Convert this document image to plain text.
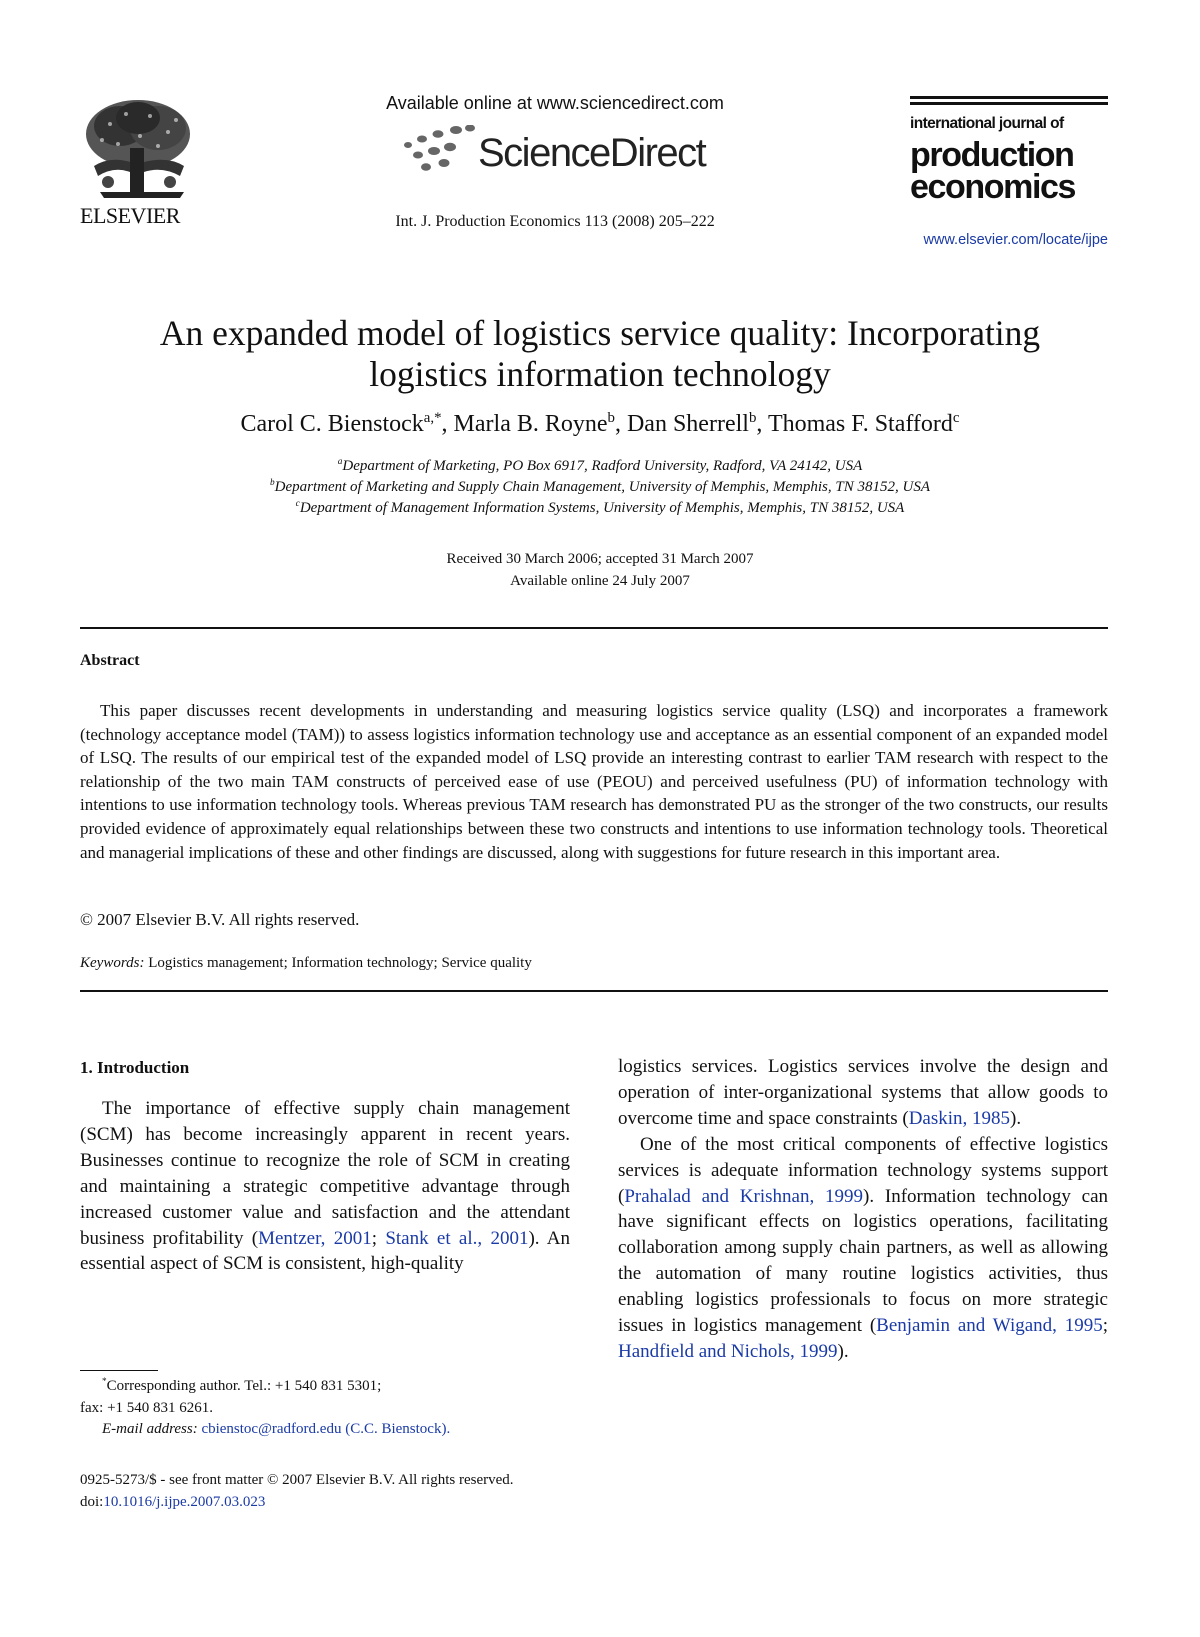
ELSEVIER
Available online at www.sciencedirect.com
ScienceDirect
Int. J. Production Economics 113 (2008) 205–222
international journal of
production
economics
www.elsevier.com/locate/ijpe
An expanded model of logistics service quality: Incorporating
logistics information technology
Carol C. Bienstock$^{a,*}$, Marla B. Royne$^b$, Dan Sherrell$^b$, Thomas F. Stafford$^c$
$^a$Department of Marketing, PO Box 6917, Radford University, Radford, VA 24142, USA
$^b$Department of Marketing and Supply Chain Management, University of Memphis, Memphis, TN 38152, USA
$^c$Department of Management Information Systems, University of Memphis, Memphis, TN 38152, USA
Received 30 March 2006; accepted 31 March 2007
Available online 24 July 2007
Abstract
This paper discusses recent developments in understanding and measuring logistics service quality (LSQ) and incorporates a framework (technology acceptance model (TAM)) to assess logistics information technology use and acceptance as an essential component of an expanded model of LSQ. The results of our empirical test of the expanded model of LSQ provide an interesting contrast to earlier TAM research with respect to the relationship of the two main TAM constructs of perceived ease of use (PEOU) and perceived usefulness (PU) of information technology with intentions to use information technology tools. Whereas previous TAM research has demonstrated PU as the stronger of the two constructs, our results provided evidence of approximately equal relationships between these two constructs and intentions to use information technology tools. Theoretical and managerial implications of these and other findings are discussed, along with suggestions for future research in this important area.
© 2007 Elsevier B.V. All rights reserved.
Keywords: Logistics management; Information technology; Service quality
1. Introduction

The importance of effective supply chain management (SCM) has become increasingly apparent in recent years. Businesses continue to recognize the role of SCM in creating and maintaining a strategic competitive advantage through increased customer value and satisfaction and the attendant business profitability (Mentzer, 2001; Stank et al., 2001). An essential aspect of SCM is consistent, high-quality

logistics services. Logistics services involve the design and operation of inter-organizational systems that allow goods to overcome time and space constraints (Daskin, 1985).

One of the most critical components of effective logistics services is adequate information technology systems support (Prahalad and Krishnan, 1999). Information technology can have significant effects on logistics operations, facilitating collaboration among supply chain partners, as well as allowing the automation of many routine logistics activities, thus enabling logistics professionals to focus on more strategic issues in logistics management (Benjamin and Wigand, 1995; Handfield and Nichols, 1999).

*Corresponding author. Tel.: +1 540 831 5301;
fax: +1 540 831 6261.
E-mail address: cbienstoc@radford.edu (C.C. Bienstock).
0925-5273/$ - see front matter © 2007 Elsevier B.V. All rights reserved.
doi:10.1016/j.ijpe.2007.03.023
